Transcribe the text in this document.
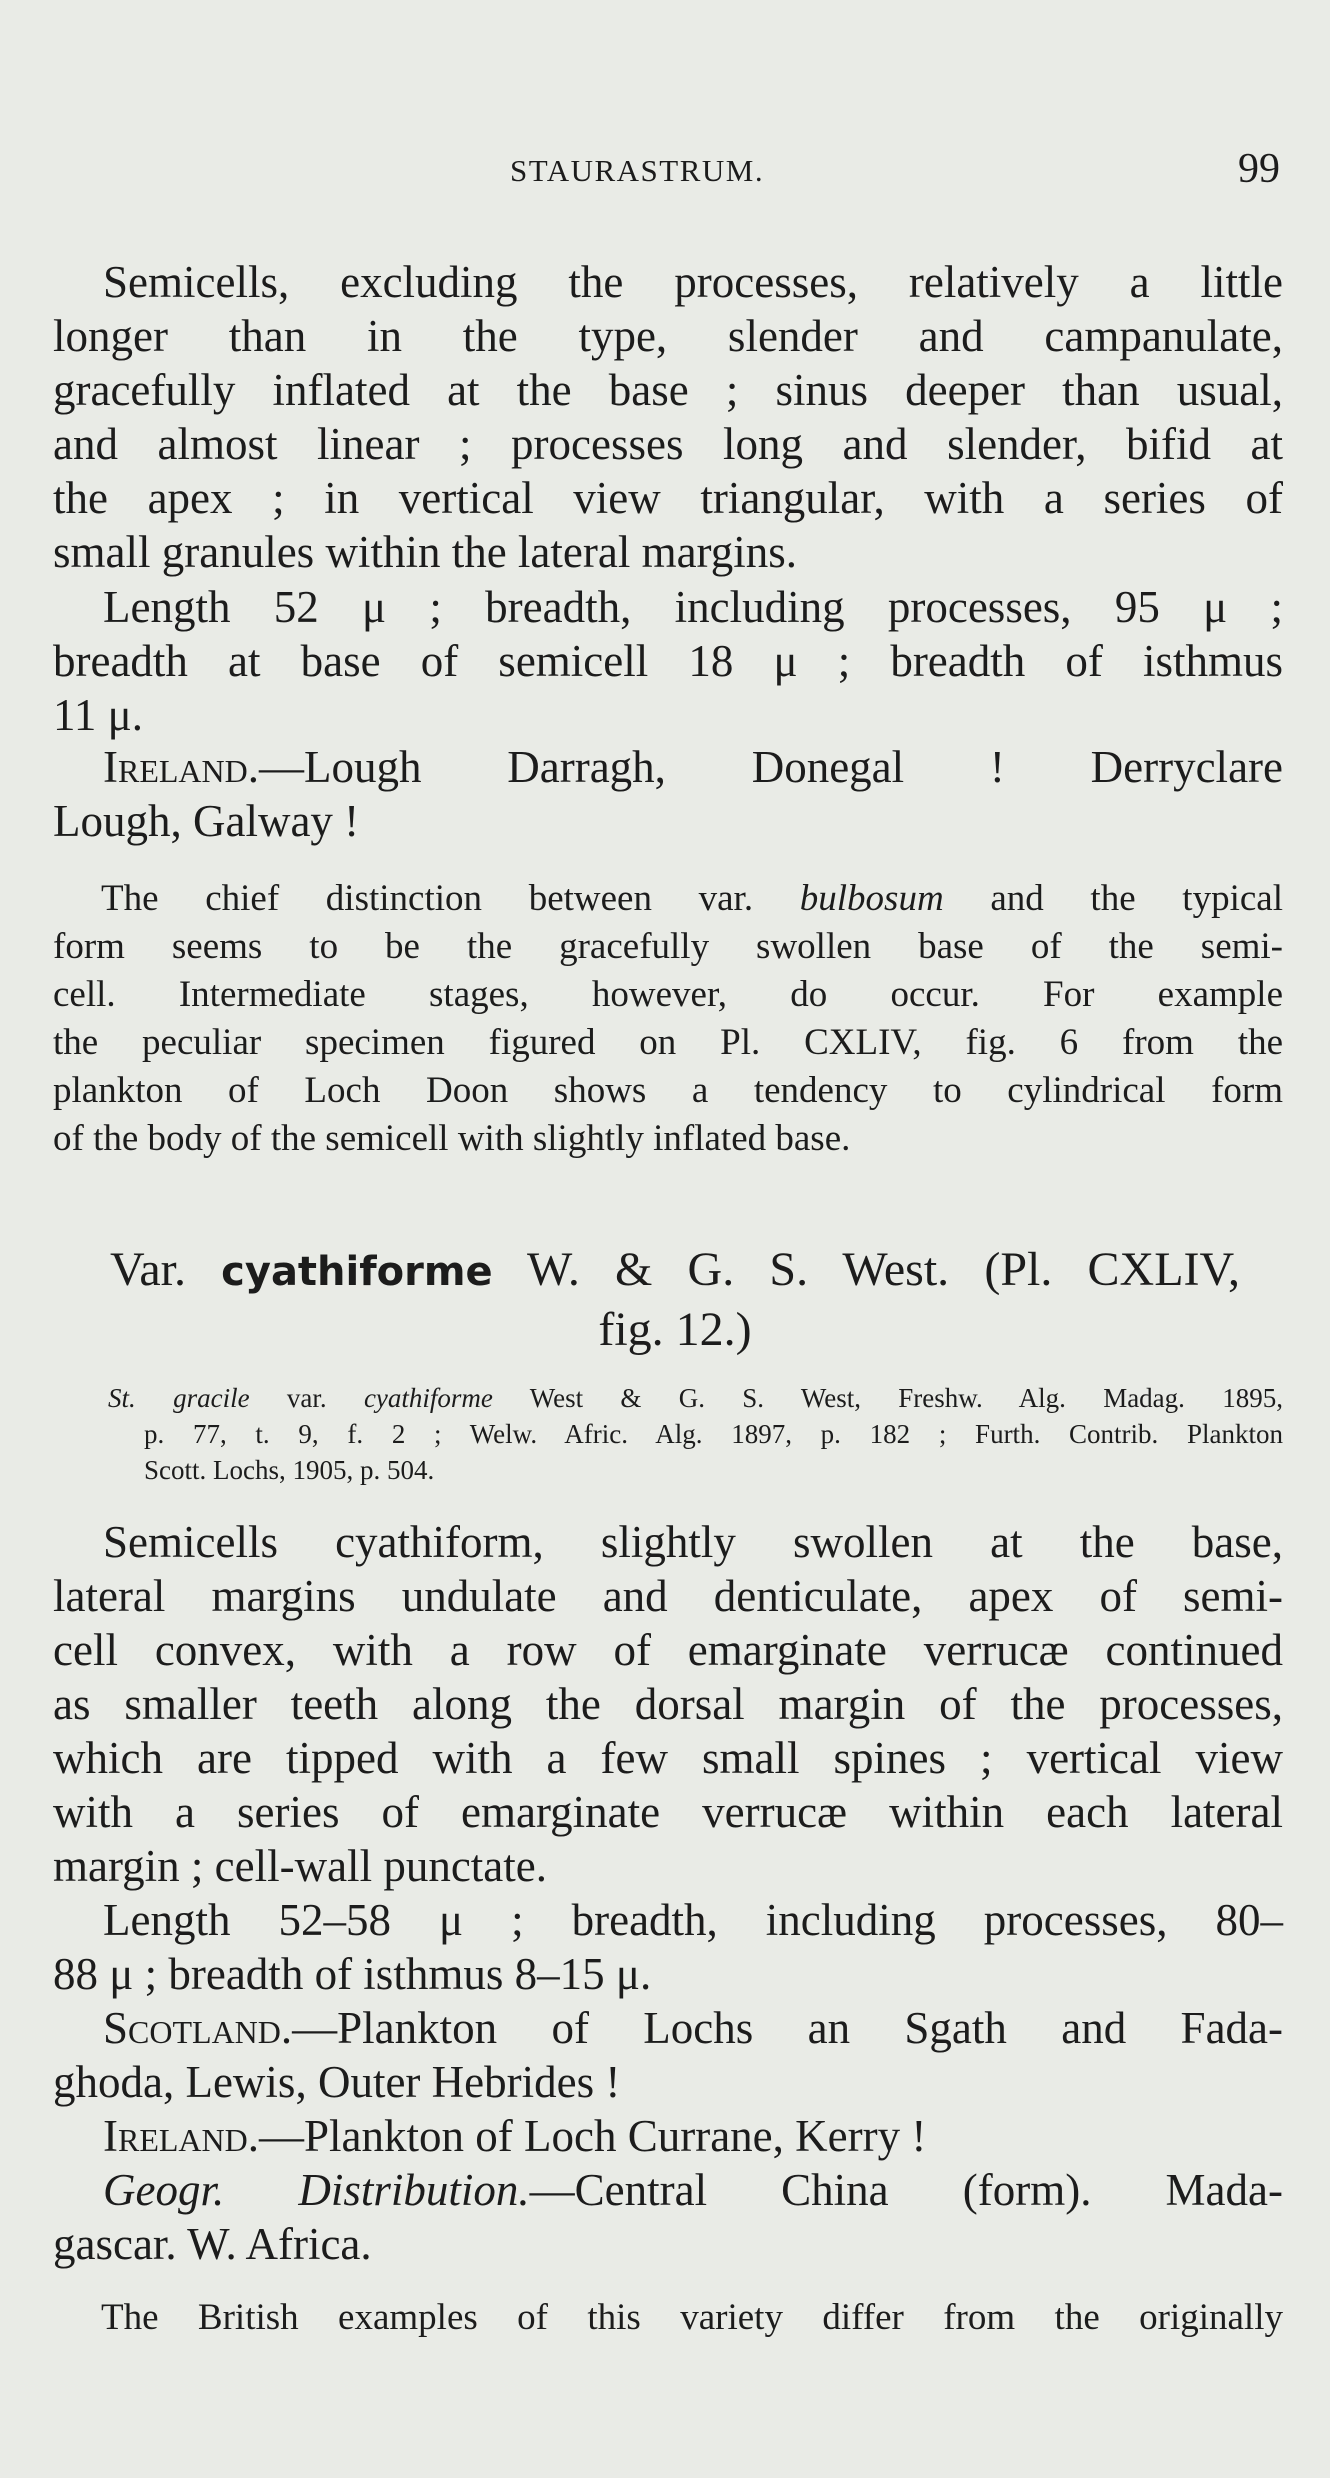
STAURASTRUM.	99
Semicells, excluding the processes, relatively a little
longer than in the type, slender and campanulate,
gracefully inflated at the base ; sinus deeper than usual,
and almost linear ; processes long and slender, bifid at
the apex ; in vertical view triangular, with a series of
small granules within the lateral margins.
Length 52 μ ; breadth, including processes, 95 μ ;
breadth at base of semicell 18 μ ; breadth of isthmus
11 μ.
Ireland.—Lough Darragh, Donegal ! Derryclare
Lough, Galway !
The chief distinction between var. bulbosum and the typical
form seems to be the gracefully swollen base of the semi-
cell. Intermediate stages, however, do occur. For example
the peculiar specimen figured on Pl. CXLIV, fig. 6 from the
plankton of Loch Doon shows a tendency to cylindrical form
of the body of the semicell with slightly inflated base.
Var. cyathiforme W. & G. S. West. (Pl. CXLIV,
fig. 12.)
St. gracile var. cyathiforme West & G. S. West, Freshw. Alg. Madag. 1895,
p. 77, t. 9, f. 2 ; Welw. Afric. Alg. 1897, p. 182 ; Furth. Contrib. Plankton
Scott. Lochs, 1905, p. 504.
Semicells cyathiform, slightly swollen at the base,
lateral margins undulate and denticulate, apex of semi-
cell convex, with a row of emarginate verrucæ continued
as smaller teeth along the dorsal margin of the processes,
which are tipped with a few small spines ; vertical view
with a series of emarginate verrucæ within each lateral
margin ; cell-wall punctate.
Length 52–58 μ ; breadth, including processes, 80–
88 μ ; breadth of isthmus 8–15 μ.
Scotland.—Plankton of Lochs an Sgath and Fada-
ghoda, Lewis, Outer Hebrides !
Ireland.—Plankton of Loch Currane, Kerry !
Geogr. Distribution.—Central China (form). Mada-
gascar. W. Africa.
The British examples of this variety differ from the originally
